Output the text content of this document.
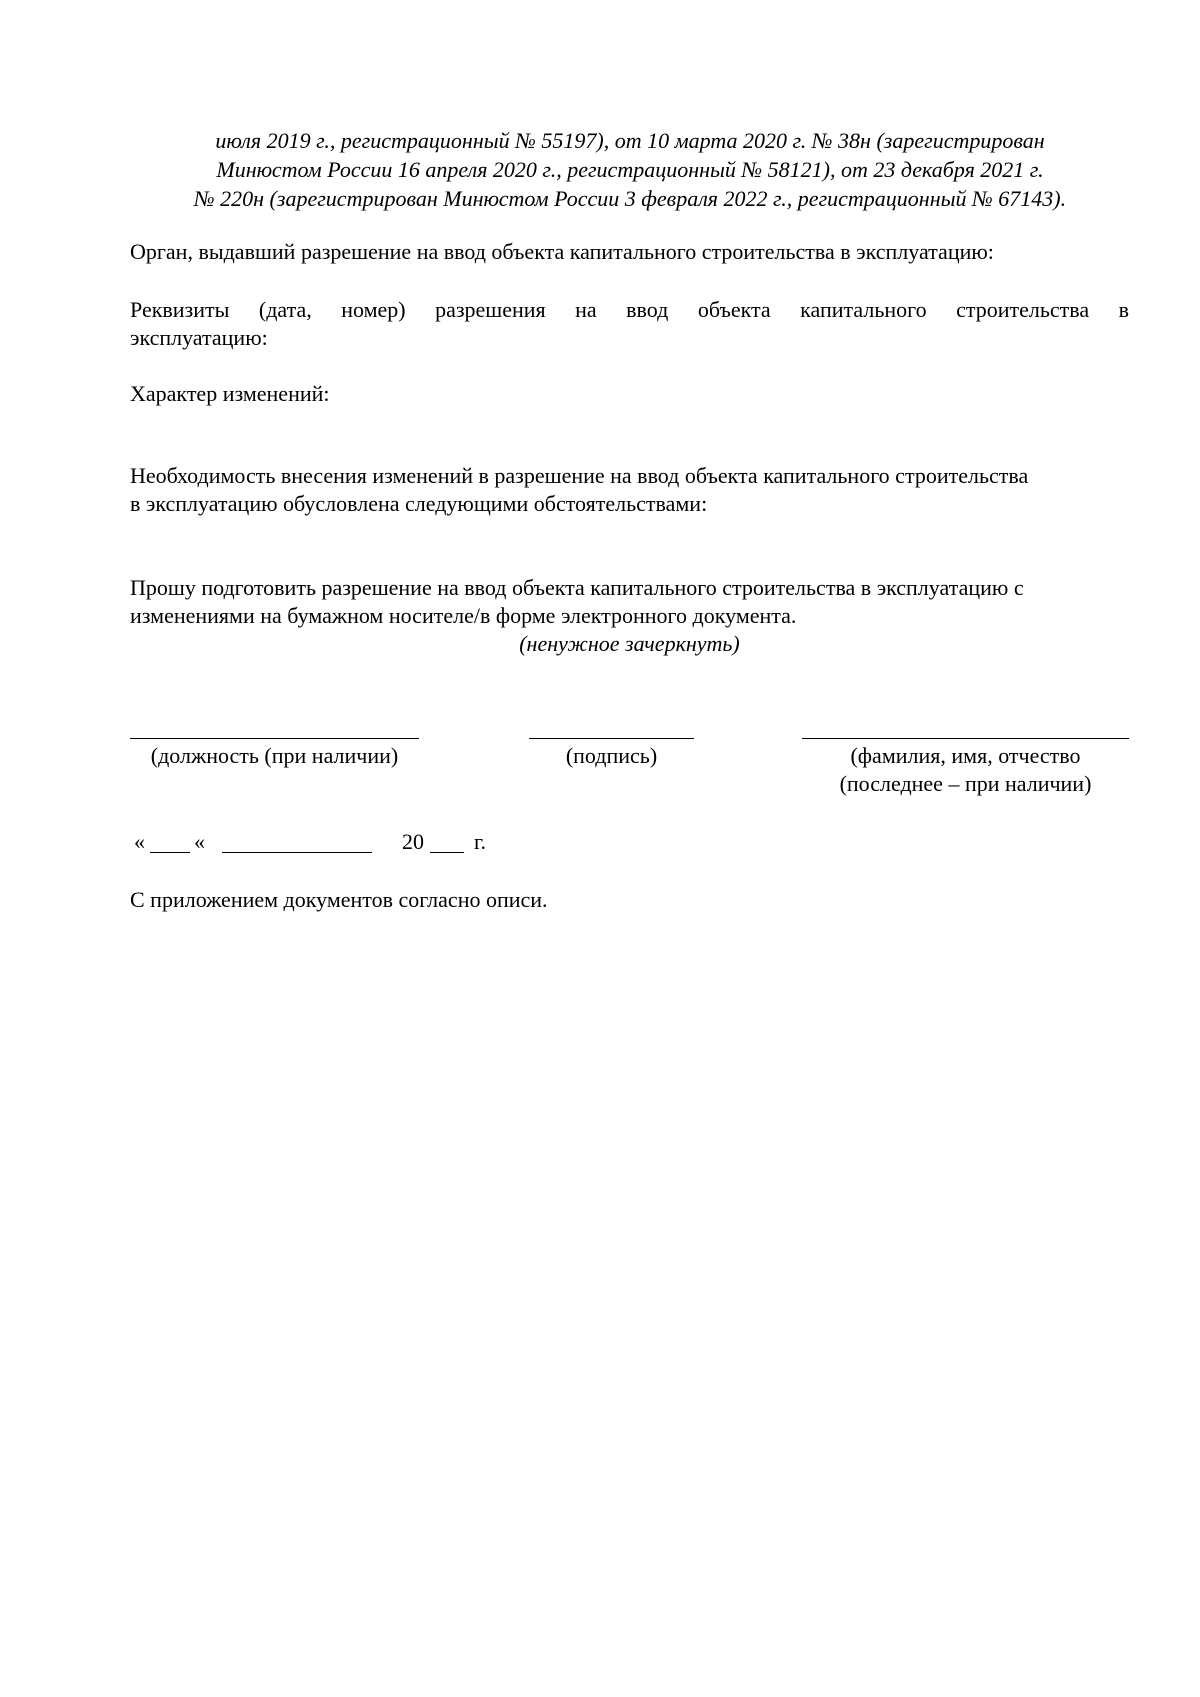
июля 2019 г., регистрационный № 55197), от 10 марта 2020 г. № 38н (зарегистрирован
Минюстом России 16 апреля 2020 г., регистрационный № 58121), от 23 декабря 2021 г.
№ 220н (зарегистрирован Минюстом России 3 февраля 2022 г., регистрационный № 67143).
Орган, выдавший разрешение на ввод объекта капитального строительства в эксплуатацию:
Реквизиты (дата, номер) разрешения на ввод объекта капитального строительства в
эксплуатацию:
Характер изменений:
Необходимость внесения изменений в разрешение на ввод объекта капитального строительства
в эксплуатацию обусловлена следующими обстоятельствами:
Прошу подготовить разрешение на ввод объекта капитального строительства в эксплуатацию с
изменениями на бумажном носителе/в форме электронного документа.
(ненужное зачеркнуть)
(должность (при наличии)	(подпись)	(фамилия, имя, отчество
(последнее – при наличии)
« «	20 г.
С приложением документов согласно описи.
